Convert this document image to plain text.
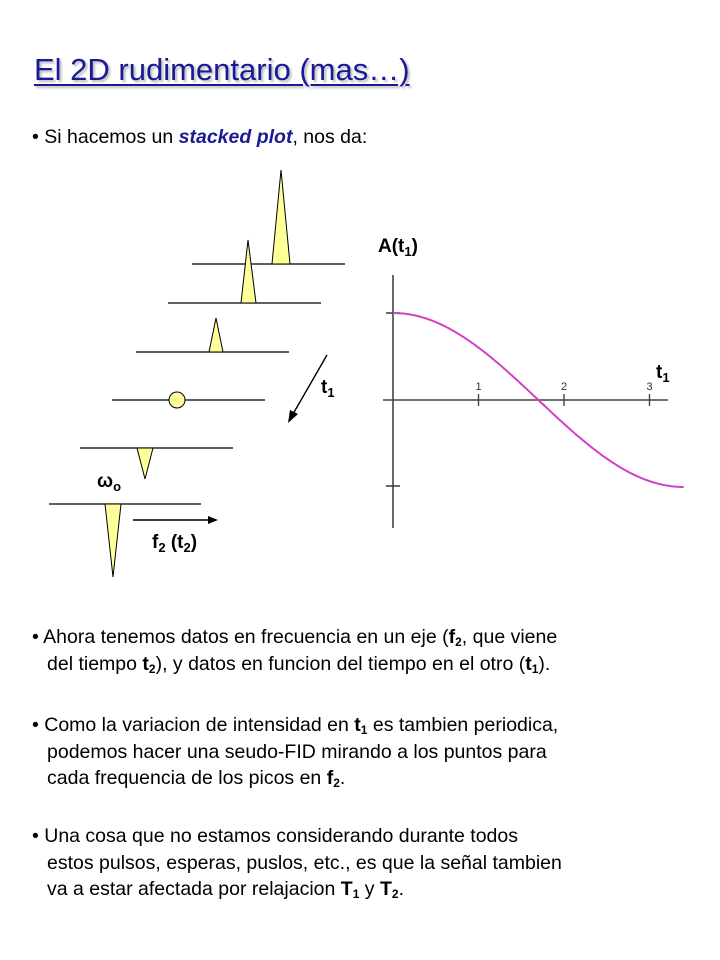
El 2D rudimentario (mas…)
• Si hacemos un stacked plot, nos da:
$\omega_o$
$f_2$ $(t_2)$
$t_1$	1	2	3
$A(t_1)$
$t_1$
• Ahora tenemos datos en frecuencia en un eje ($f_2$, que viene
del tiempo $t_2$), y datos en funcion del tiempo en el otro $(t_1)$.
• Como la variacion de intensidad en $t_1$ es tambien periodica,
podemos hacer una seudo-FID mirando a los puntos para
cada frequencia de los picos en $f_2$.
• Una cosa que no estamos considerando durante todos
estos pulsos, esperas, puslos, etc., es que la señal tambien
va a estar afectada por relajacion $T_1$ y $T_2$.
